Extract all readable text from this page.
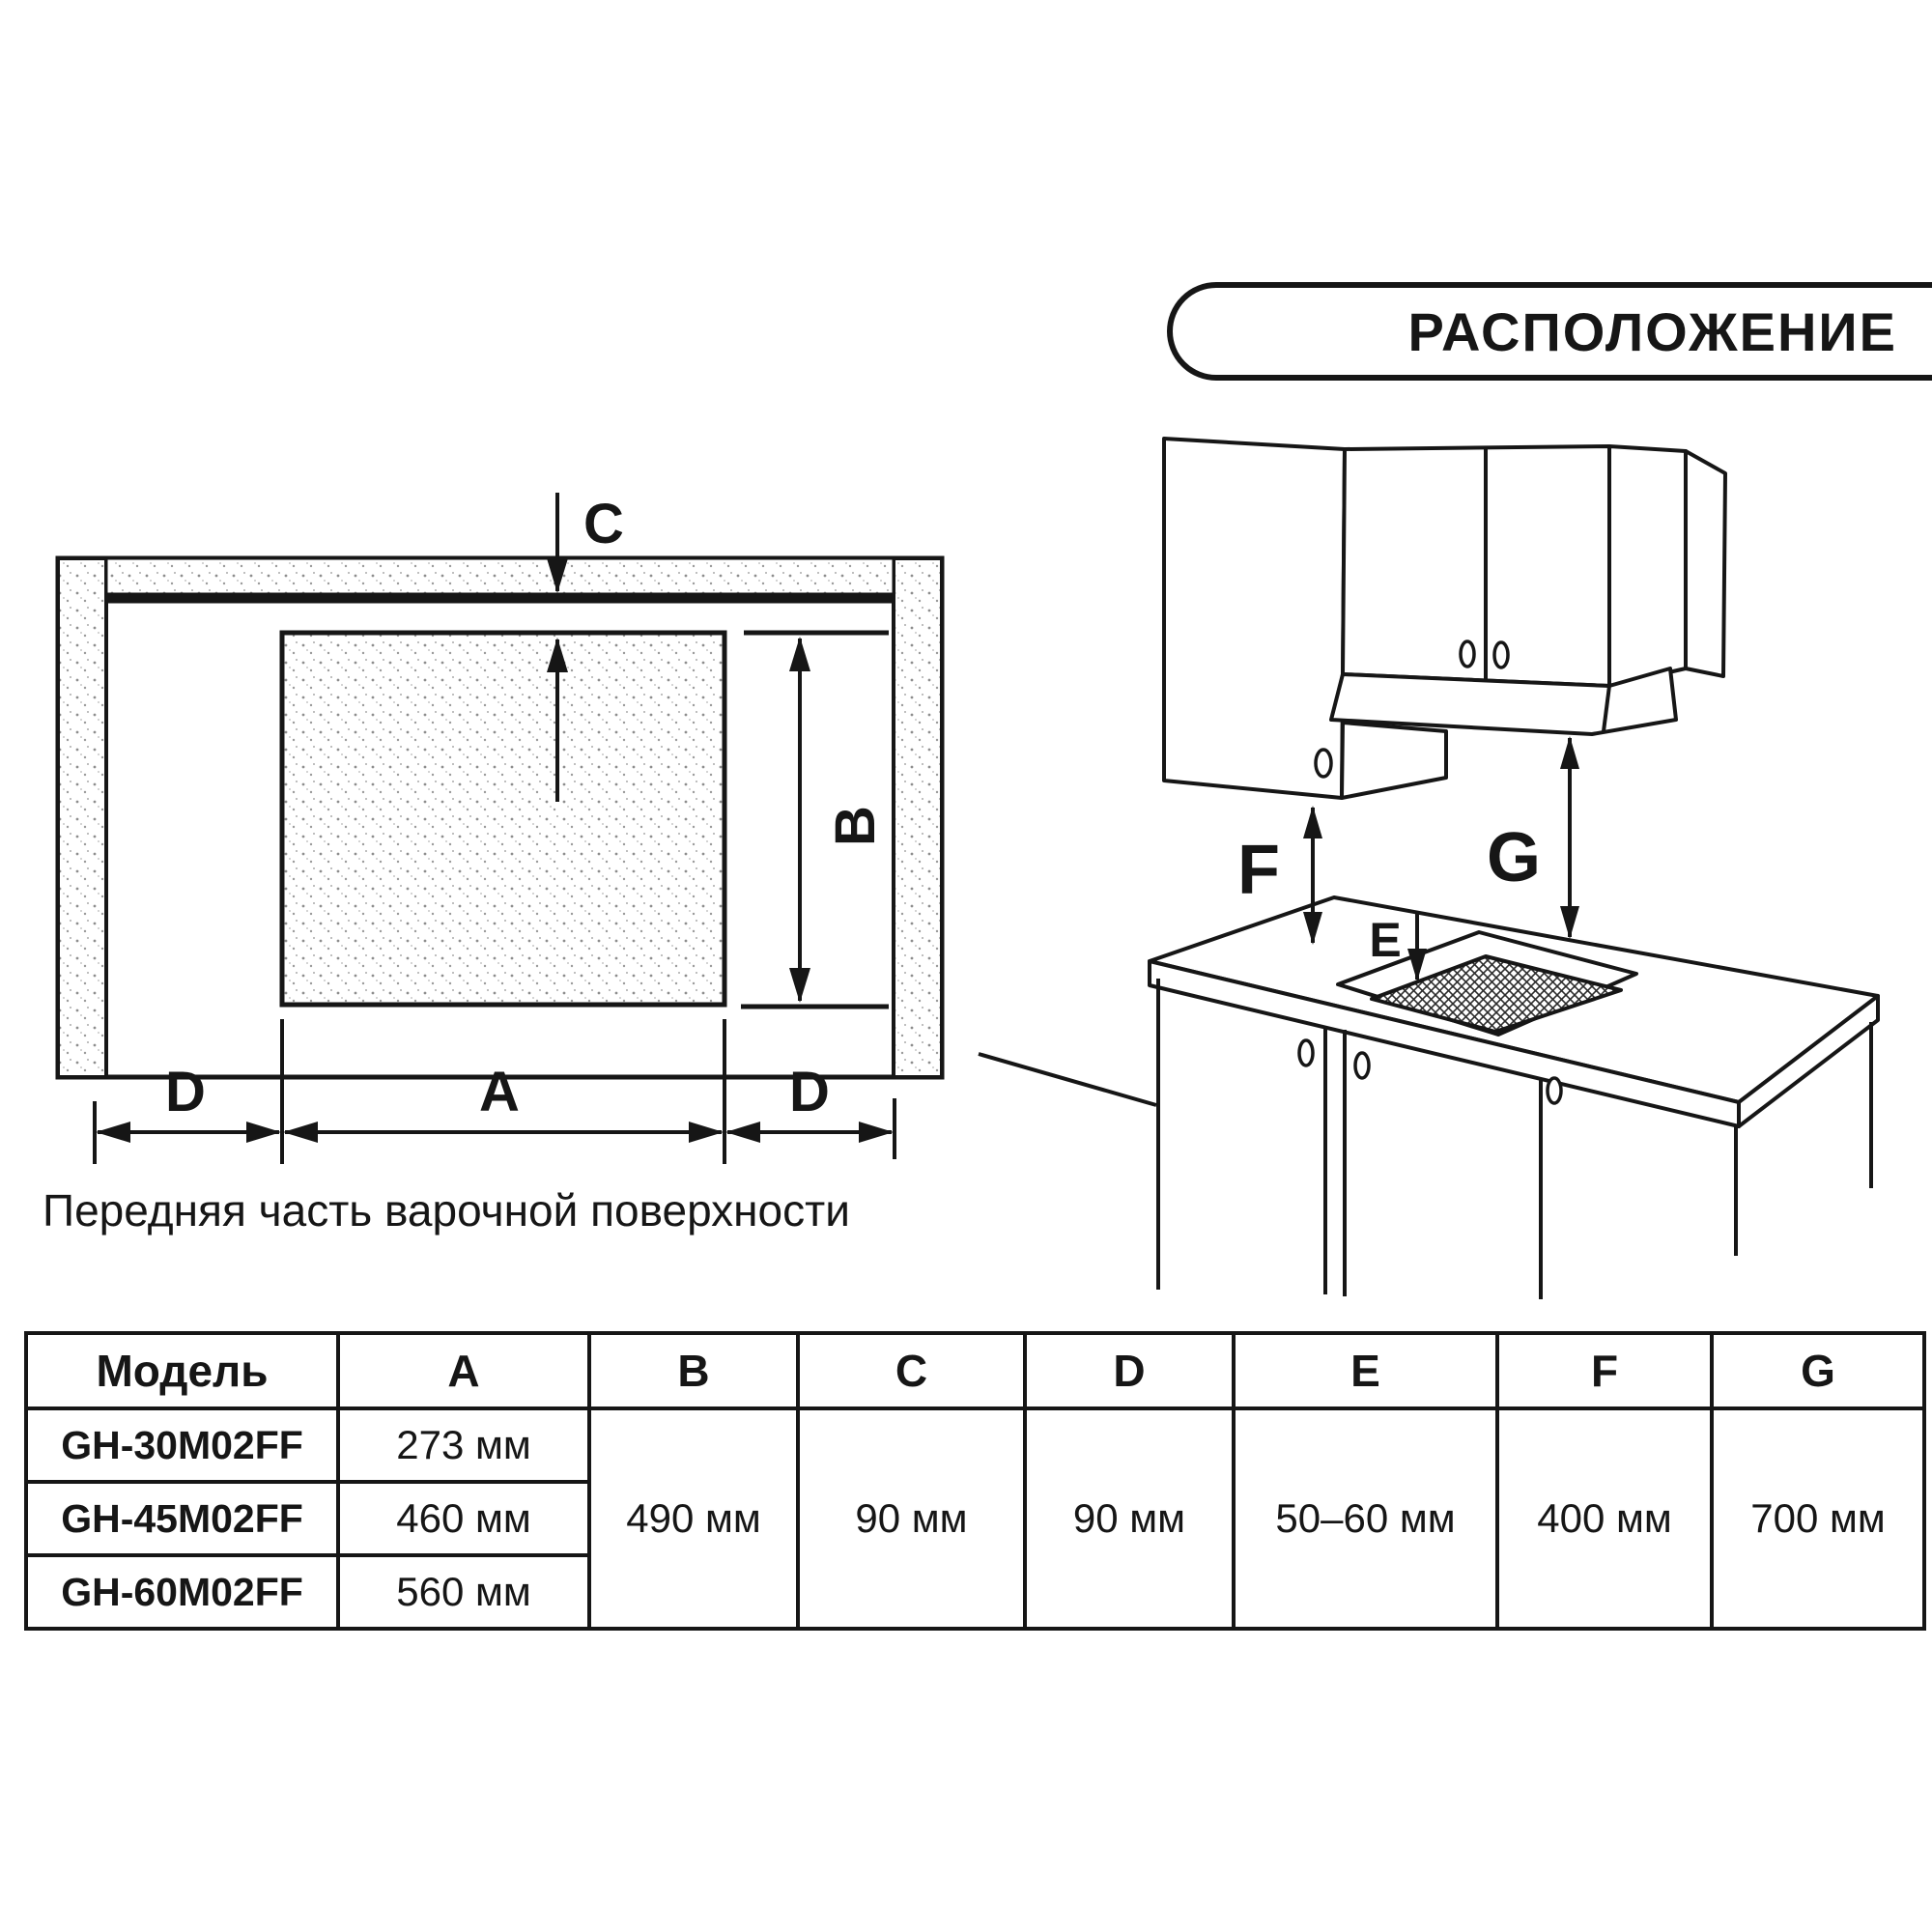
C
B
D	A	D
Передняя часть варочной поверхности
РАСПОЛОЖЕНИЕ
F	G
E
Модель	A	B	C	D	E	F	G
GH-30M02FF	273 мм	490 мм	90 мм	90 мм	50–60 мм	400 мм	700 мм
GH-45M02FF	460 мм						
GH-60M02FF	560 мм						
